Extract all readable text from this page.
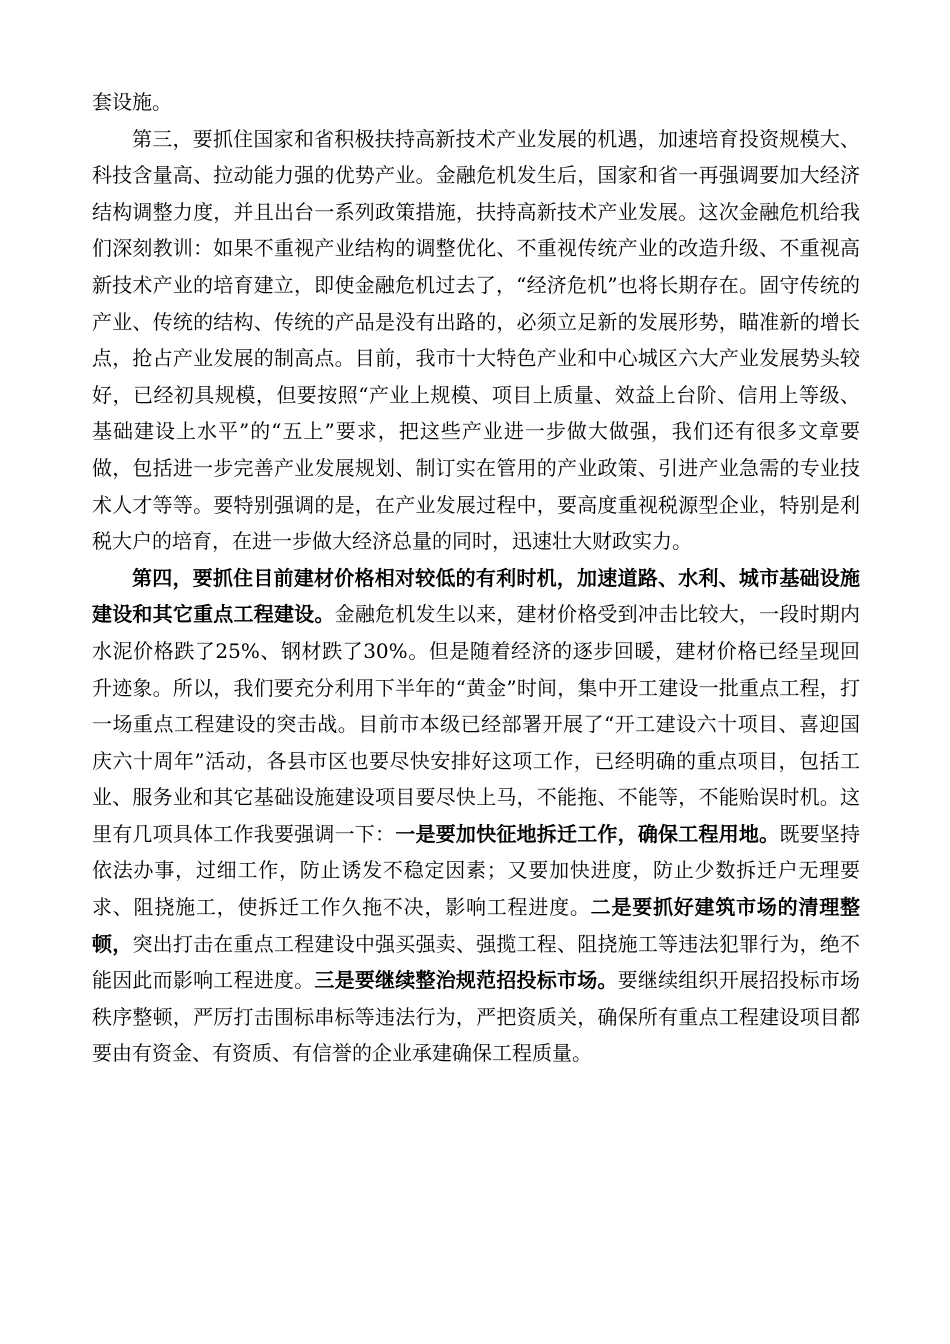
套设施。

第三，要抓住国家和省积极扶持高新技术产业发展的机遇，加速培育投资规模大、科技含量高、拉动能力强的优势产业。金融危机发生后，国家和省一再强调要加大经济结构调整力度，并且出台一系列政策措施，扶持高新技术产业发展。这次金融危机给我们深刻教训：如果不重视产业结构的调整优化、不重视传统产业的改造升级、不重视高新技术产业的培育建立，即使金融危机过去了，“经济危机”也将长期存在。固守传统的产业、传统的结构、传统的产品是没有出路的，必须立足新的发展形势，瞄准新的增长点，抢占产业发展的制高点。目前，我市十大特色产业和中心城区六大产业发展势头较好，已经初具规模，但要按照“产业上规模、项目上质量、效益上台阶、信用上等级、基础建设上水平”的“五上”要求，把这些产业进一步做大做强，我们还有很多文章要做，包括进一步完善产业发展规划、制订实在管用的产业政策、引进产业急需的专业技术人才等等。要特别强调的是，在产业发展过程中，要高度重视税源型企业，特别是利税大户的培育，在进一步做大经济总量的同时，迅速壮大财政实力。

第四，要抓住目前建材价格相对较低的有利时机，加速道路、水利、城市基础设施建设和其它重点工程建设。金融危机发生以来，建材价格受到冲击比较大，一段时期内水泥价格跌了25%、钢材跌了30%。但是随着经济的逐步回暖，建材价格已经呈现回升迹象。所以，我们要充分利用下半年的“黄金”时间，集中开工建设一批重点工程，打一场重点工程建设的突击战。目前市本级已经部署开展了“开工建设六十项目、喜迎国庆六十周年”活动，各县市区也要尽快安排好这项工作，已经明确的重点项目，包括工业、服务业和其它基础设施建设项目要尽快上马，不能拖、不能等，不能贻误时机。这里有几项具体工作我要强调一下：一是要加快征地拆迁工作，确保工程用地。既要坚持依法办事，过细工作，防止诱发不稳定因素；又要加快进度，防止少数拆迁户无理要求、阻挠施工，使拆迁工作久拖不决，影响工程进度。二是要抓好建筑市场的清理整顿，突出打击在重点工程建设中强买强卖、强揽工程、阻挠施工等违法犯罪行为，绝不能因此而影响工程进度。三是要继续整治规范招投标市场。要继续组织开展招投标市场秩序整顿，严厉打击围标串标等违法行为，严把资质关，确保所有重点工程建设项目都要由有资金、有资质、有信誉的企业承建确保工程质量。
